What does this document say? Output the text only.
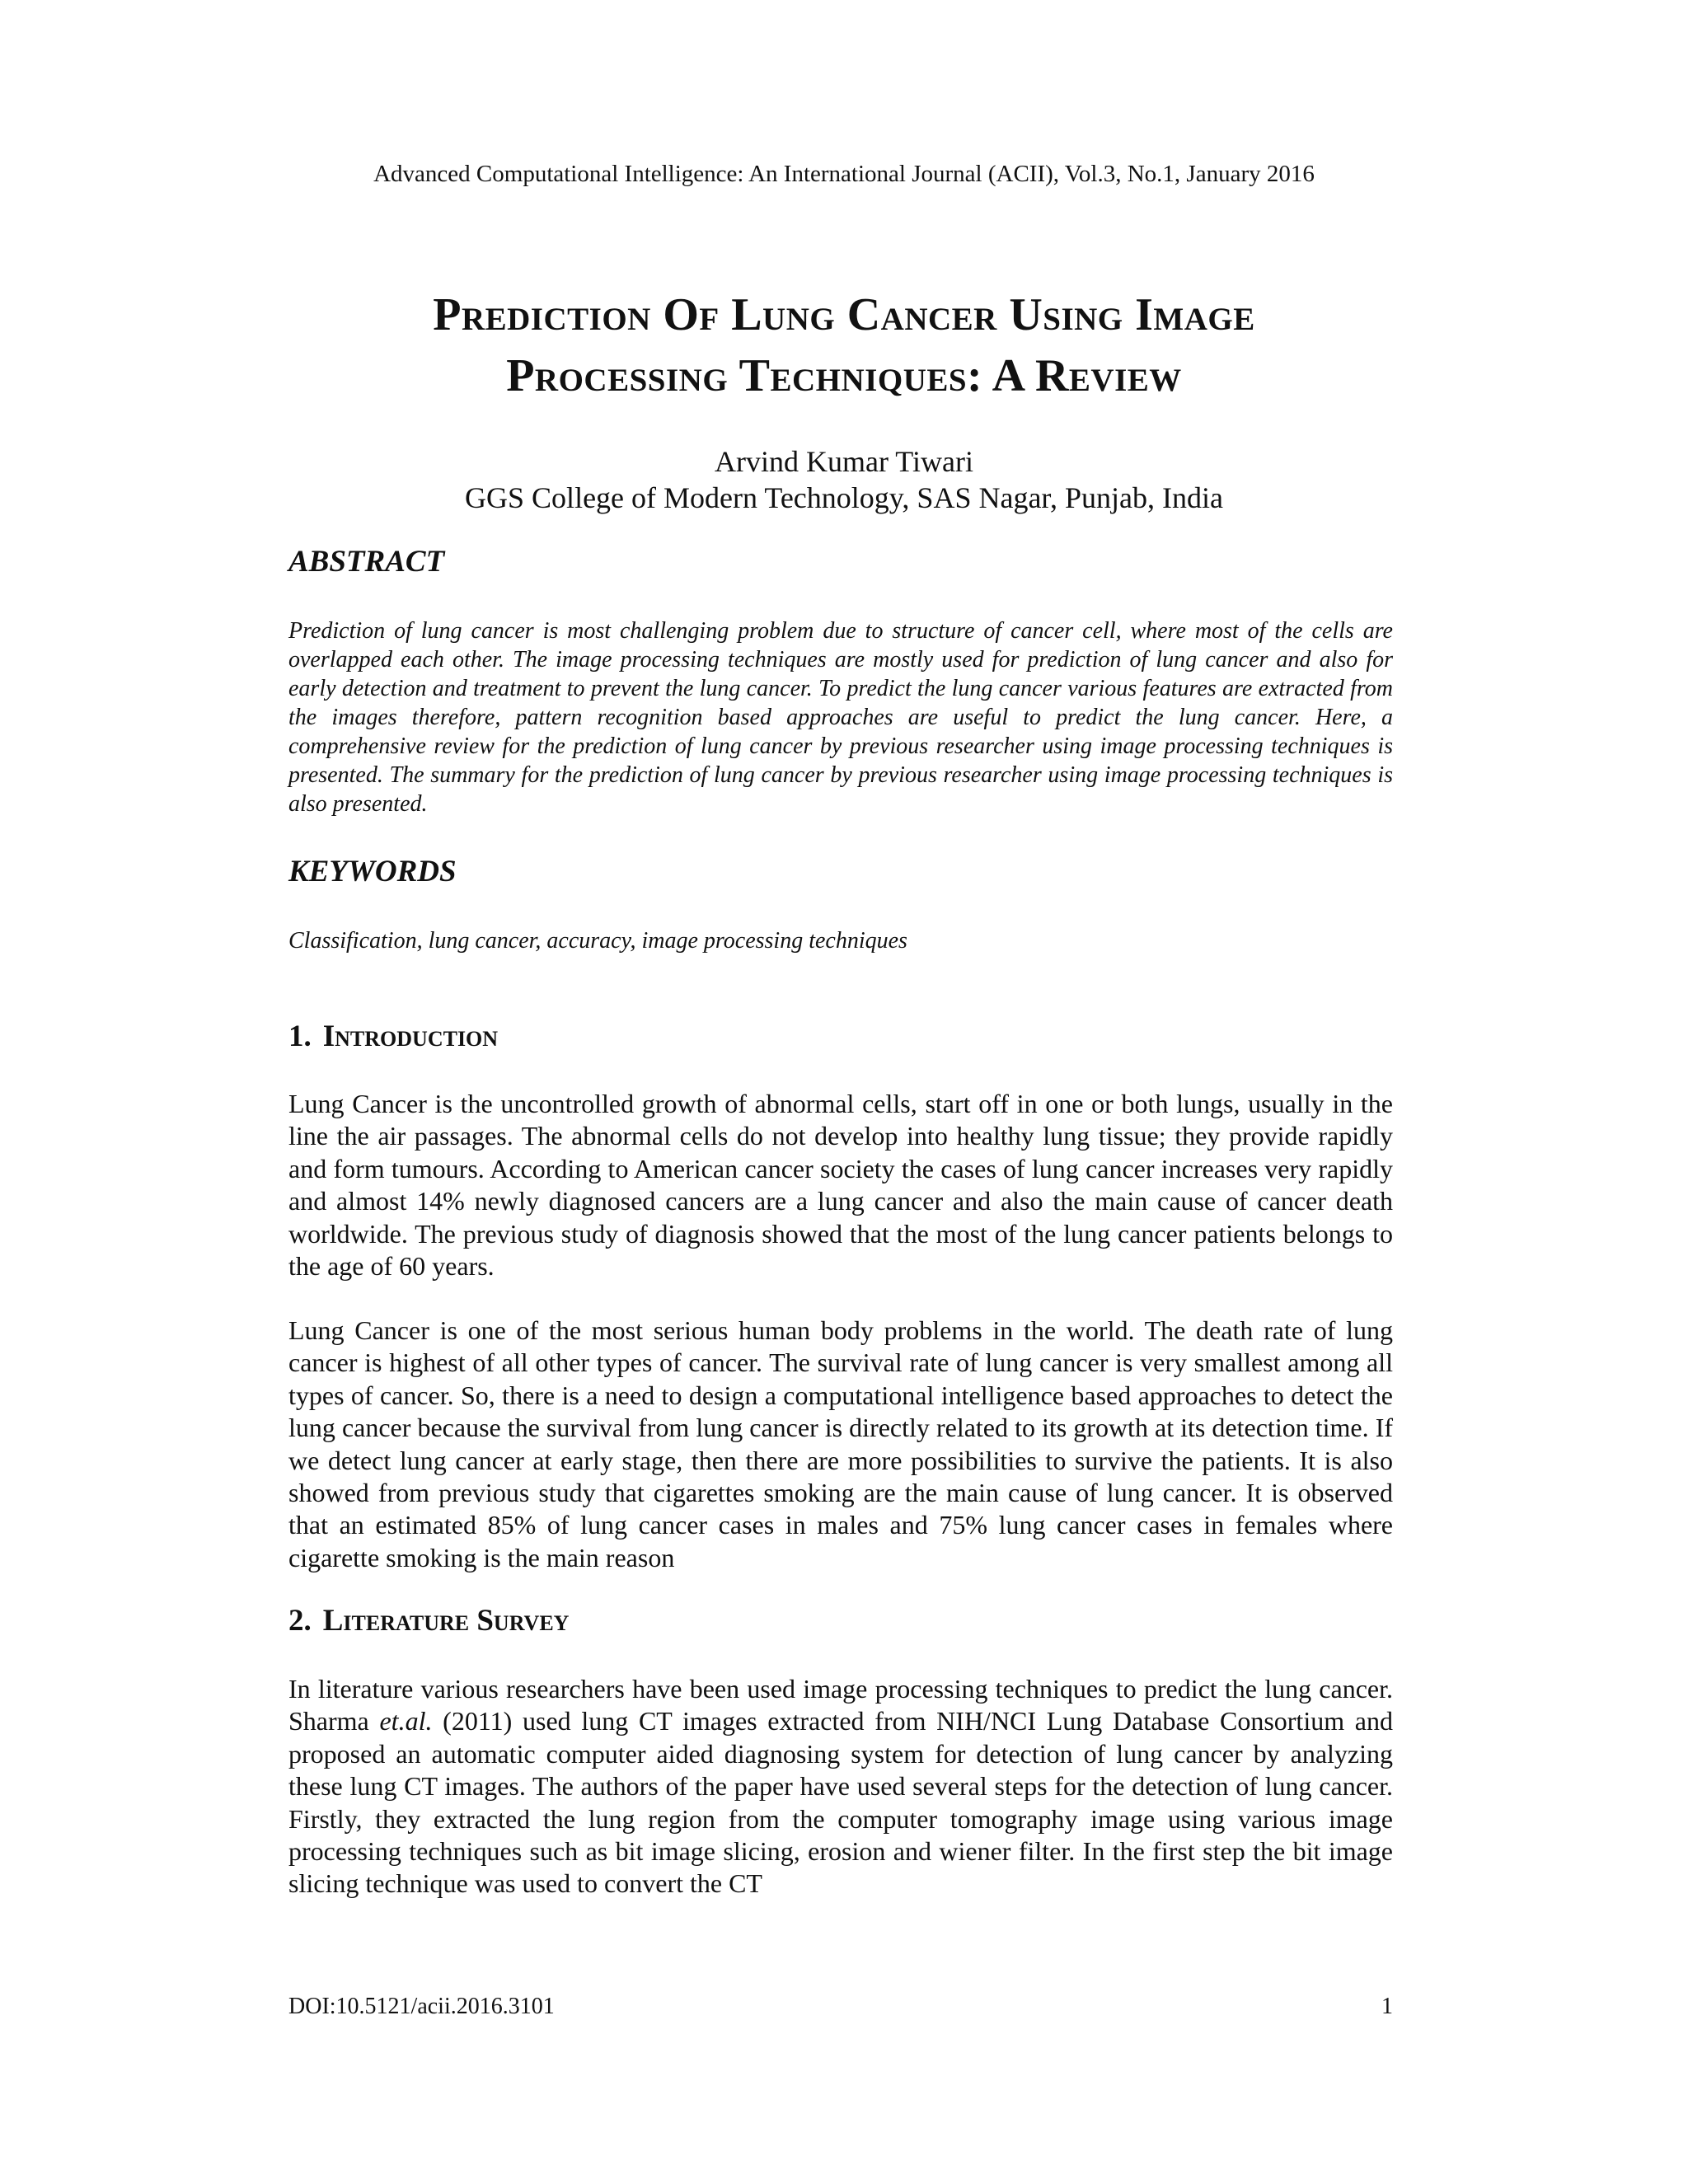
Advanced Computational Intelligence: An International Journal (ACII), Vol.3, No.1, January 2016
Prediction Of Lung Cancer Using Image
Processing Techniques: A Review
Arvind Kumar Tiwari
GGS College of Modern Technology, SAS Nagar, Punjab, India
ABSTRACT

Prediction of lung cancer is most challenging problem due to structure of cancer cell, where most of the cells are overlapped each other. The image processing techniques are mostly used for prediction of lung cancer and also for early detection and treatment to prevent the lung cancer. To predict the lung cancer various features are extracted from the images therefore, pattern recognition based approaches are useful to predict the lung cancer. Here, a comprehensive review for the prediction of lung cancer by previous researcher using image processing techniques is presented. The summary for the prediction of lung cancer by previous researcher using image processing techniques is also presented.

KEYWORDS

Classification, lung cancer, accuracy, image processing techniques

1. Introduction

Lung Cancer is the uncontrolled growth of abnormal cells, start off in one or both lungs, usually in the line the air passages. The abnormal cells do not develop into healthy lung tissue; they provide rapidly and form tumours. According to American cancer society the cases of lung cancer increases very rapidly and almost 14% newly diagnosed cancers are a lung cancer and also the main cause of cancer death worldwide. The previous study of diagnosis showed that the most of the lung cancer patients belongs to the age of 60 years.

Lung Cancer is one of the most serious human body problems in the world. The death rate of lung cancer is highest of all other types of cancer. The survival rate of lung cancer is very smallest among all types of cancer. So, there is a need to design a computational intelligence based approaches to detect the lung cancer because the survival from lung cancer is directly related to its growth at its detection time. If we detect lung cancer at early stage, then there are more possibilities to survive the patients. It is also showed from previous study that cigarettes smoking are the main cause of lung cancer. It is observed that an estimated 85% of lung cancer cases in males and 75% lung cancer cases in females where cigarette smoking is the main reason

2. Literature Survey

In literature various researchers have been used image processing techniques to predict the lung cancer. Sharma et.al. (2011) used lung CT images extracted from NIH/NCI Lung Database Consortium and proposed an automatic computer aided diagnosing system for detection of lung cancer by analyzing these lung CT images. The authors of the paper have used several steps for the detection of lung cancer. Firstly, they extracted the lung region from the computer tomography image using various image processing techniques such as bit image slicing, erosion and wiener filter. In the first step the bit image slicing technique was used to convert the CT

DOI:10.5121/acii.2016.3101	1
